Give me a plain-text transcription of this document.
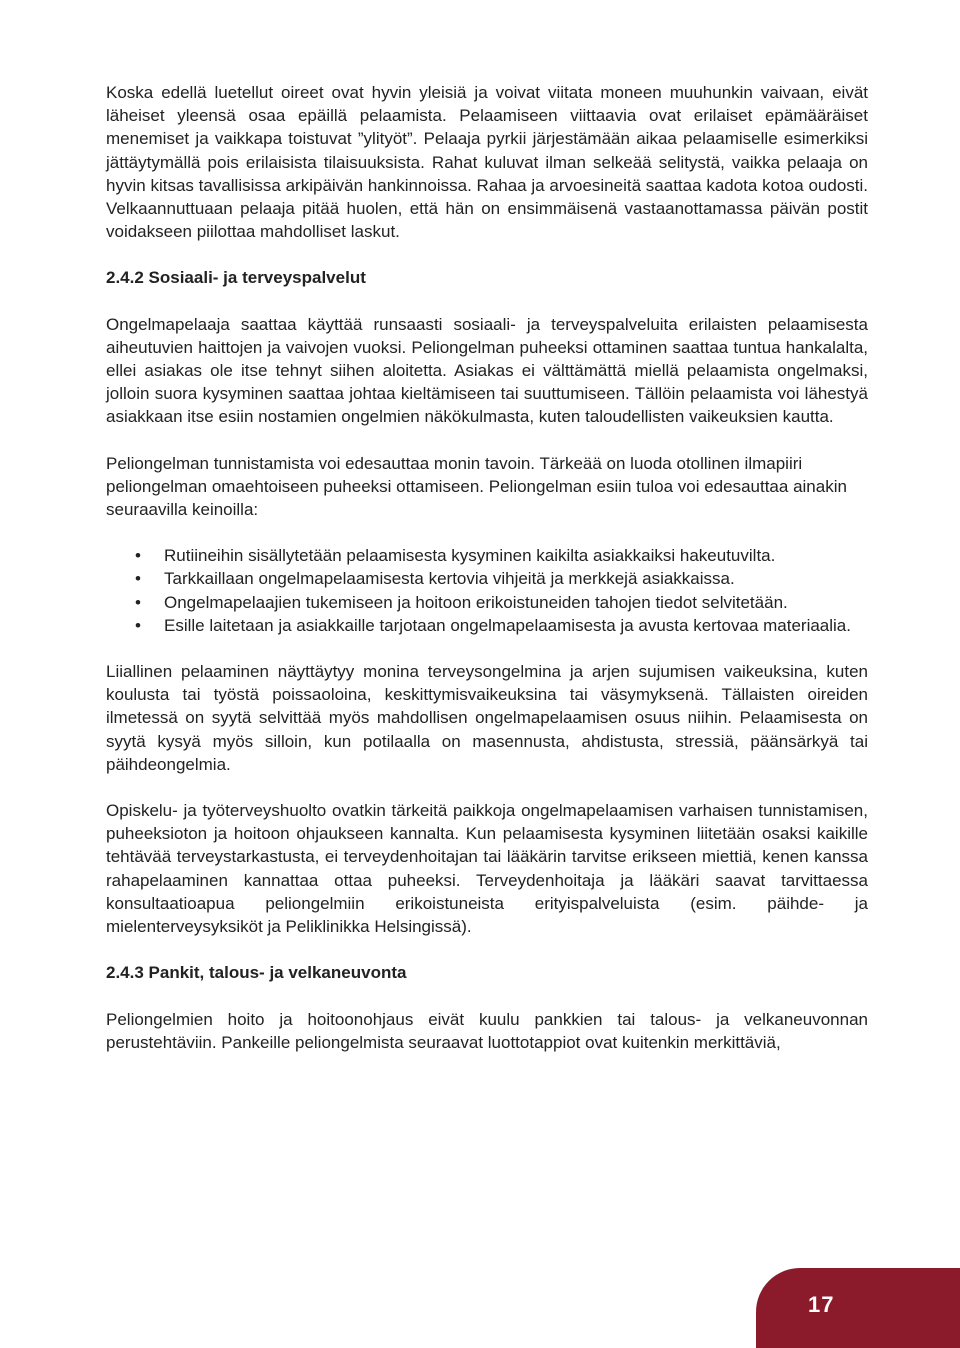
Koska edellä luetellut oireet ovat hyvin yleisiä ja voivat viitata moneen muuhunkin vaivaan, eivät läheiset yleensä osaa epäillä pelaamista. Pelaamiseen viittaavia ovat erilaiset epämääräiset menemiset ja vaikkapa toistuvat ”ylityöt”. Pelaaja pyrkii järjestämään aikaa pelaamiselle esimerkiksi jättäytymällä pois erilaisista tilaisuuksista. Rahat kuluvat ilman selkeää selitystä, vaikka pelaaja on hyvin kitsas tavallisissa arkipäivän hankinnoissa. Rahaa ja arvoesineitä saattaa kadota kotoa oudosti. Velkaannuttuaan pelaaja pitää huolen, että hän on ensimmäisenä vastaanottamassa päivän postit voidakseen piilottaa mahdolliset laskut.

2.4.2 Sosiaali- ja terveyspalvelut

Ongelmapelaaja saattaa käyttää runsaasti sosiaali- ja terveyspalveluita erilaisten pelaamisesta aiheutuvien haittojen ja vaivojen vuoksi. Peliongelman puheeksi ottaminen saattaa tuntua hankalalta, ellei asiakas ole itse tehnyt siihen aloitetta. Asiakas ei välttämättä miellä pelaamista ongelmaksi, jolloin suora kysyminen saattaa johtaa kieltämiseen tai suuttumiseen. Tällöin pelaamista voi lähestyä asiakkaan itse esiin nostamien ongelmien näkökulmasta, kuten taloudellisten vaikeuksien kautta.

Peliongelman tunnistamista voi edesauttaa monin tavoin. Tärkeää on luoda otollinen ilmapiiri peliongelman omaehtoiseen puheeksi ottamiseen. Peliongelman esiin tuloa voi edesauttaa ainakin seuraavilla keinoilla:

• Rutiineihin sisällytetään pelaamisesta kysyminen kaikilta asiakkaiksi hakeutuvilta.
• Tarkkaillaan ongelmapelaamisesta kertovia vihjeitä ja merkkejä asiakkaissa.
• Ongelmapelaajien tukemiseen ja hoitoon erikoistuneiden tahojen tiedot selvitetään.
• Esille laitetaan ja asiakkaille tarjotaan ongelmapelaamisesta ja avusta kertovaa materiaalia.

Liiallinen pelaaminen näyttäytyy monina terveysongelmina ja arjen sujumisen vaikeuksina, kuten koulusta tai työstä poissaoloina, keskittymisvaikeuksina tai väsymyksenä. Tällaisten oireiden ilmetessä on syytä selvittää myös mahdollisen ongelmapelaamisen osuus niihin. Pelaamisesta on syytä kysyä myös silloin, kun potilaalla on masennusta, ahdistusta, stressiä, päänsärkyä tai päihdeongelmia.

Opiskelu- ja työterveyshuolto ovatkin tärkeitä paikkoja ongelmapelaamisen varhaisen tunnistamisen, puheeksioton ja hoitoon ohjaukseen kannalta. Kun pelaamisesta kysyminen liitetään osaksi kaikille tehtävää terveystarkastusta, ei terveydenhoitajan tai lääkärin tarvitse erikseen miettiä, kenen kanssa rahapelaaminen kannattaa ottaa puheeksi. Terveydenhoitaja ja lääkäri saavat tarvittaessa konsultaatioapua peliongelmiin erikoistuneista erityispalveluista (esim. päihde- ja mielenterveysyksiköt ja Peliklinikka Helsingissä).

2.4.3 Pankit, talous- ja velkaneuvonta

Peliongelmien hoito ja hoitoonohjaus eivät kuulu pankkien tai talous- ja velkaneuvonnan perustehtäviin. Pankeille peliongelmista seuraavat luottotappiot ovat kuitenkin merkittäviä,

17
